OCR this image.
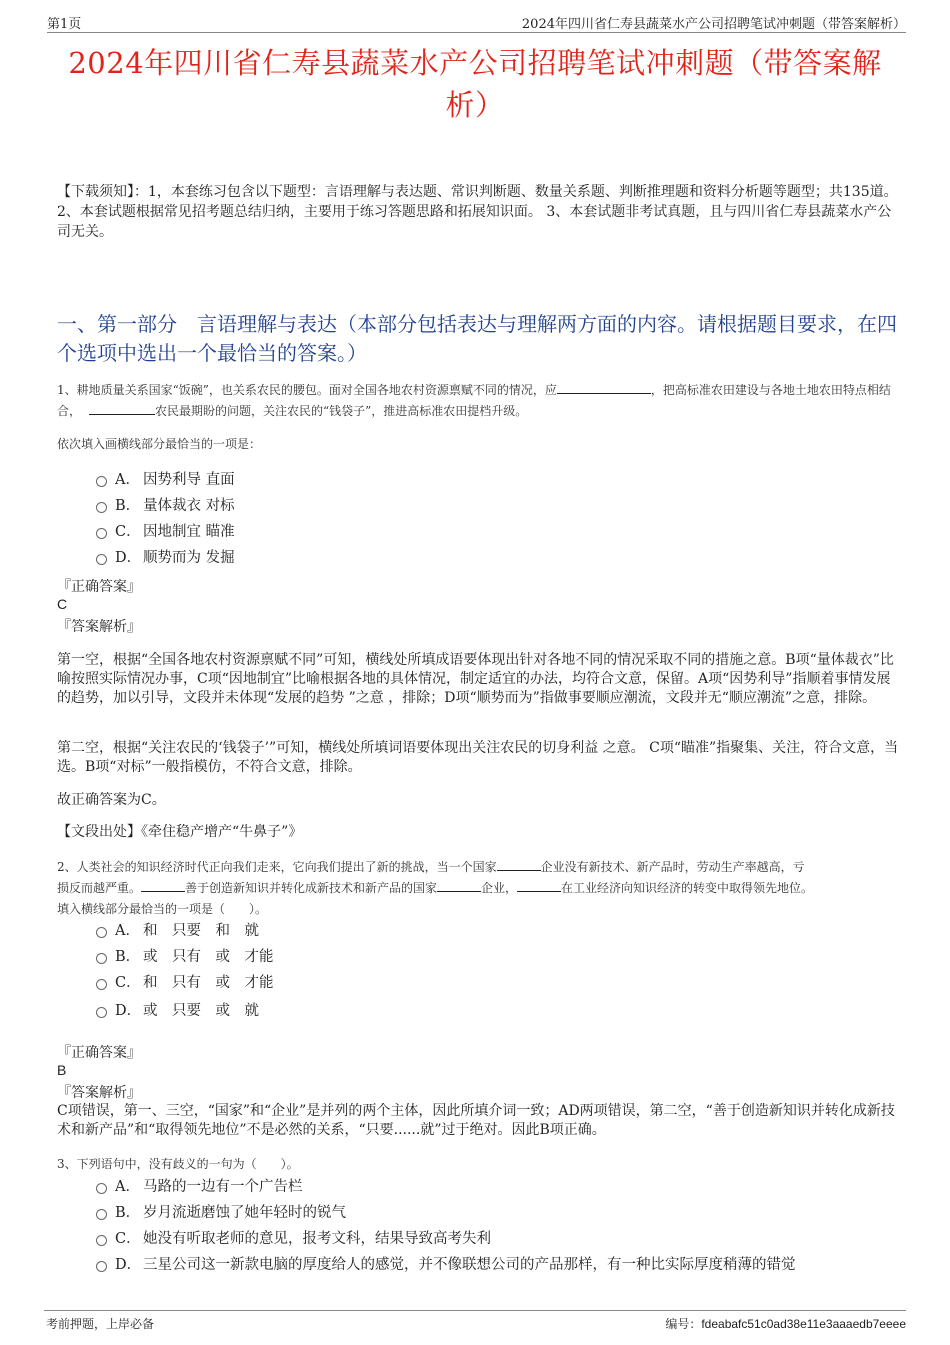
第1页	2024年四川省仁寿县蔬菜水产公司招聘笔试冲刺题（带答案解析）
2024年四川省仁寿县蔬菜水产公司招聘笔试冲刺题（带答案解析）
【下载须知】：1，本套练习包含以下题型：言语理解与表达题、常识判断题、数量关系题、判断推理题和资料分析题等题型；共135道。 2、本套试题根据常见招考题总结归纳，主要用于练习答题思路和拓展知识面。 3、本套试题非考试真题，且与四川省仁寿县蔬菜水产公司无关。
一、第一部分　言语理解与表达（本部分包括表达与理解两方面的内容。请根据题目要求，在四个选项中选出一个最恰当的答案。）
1、耕地质量关系国家“饭碗”，也关系农民的腰包。面对全国各地农村资源禀赋不同的情况，应	，把高标准农田建设与各地土地农田特点相结合，	农民最期盼的问题，关注农民的“钱袋子”，推进高标准农田提档升级。
依次填入画横线部分最恰当的一项是：
A． 因势利导 直面
B． 量体裁衣 对标
C． 因地制宜 瞄准
D． 顺势而为 发掘
『正确答案』
C
『答案解析』
第一空，根据“全国各地农村资源禀赋不同”可知，横线处所填成语要体现出针对各地不同的情况采取不同的措施之意。B项“量体裁衣”比喻按照实际情况办事，C项“因地制宜”比喻根据各地的具体情况，制定适宜的办法，均符合文意，保留。A项“因势利导”指顺着事情发展的趋势，加以引导，文段并未体现“发展的趋势 ”之意 ，排除；D项“顺势而为”指做事要顺应潮流，文段并无“顺应潮流”之意，排除。
第二空，根据“关注农民的‘钱袋子’”可知，横线处所填词语要体现出关注农民的切身利益 之意。 C项“瞄准”指聚集、关注，符合文意，当选。B项“对标”一般指模仿，不符合文意，排除。
故正确答案为C。
【文段出处】《牵住稳产增产“牛鼻子”》
2、人类社会的知识经济时代正向我们走来，它向我们提出了新的挑战，当一个国家	企业没有新技术、新产品时，劳动生产率越高，亏
损反而越严重。	善于创造新知识并转化成新技术和新产品的国家	企业，	在工业经济向知识经济的转变中取得领先地位。
填入横线部分最恰当的一项是（　　）。
A． 和　只要　和　就
B． 或　只有　或　才能
C． 和　只有　或　才能
D． 或　只要　或　就
『正确答案』
B
『答案解析』
C项错误，第一、三空，“国家”和“企业”是并列的两个主体，因此所填介词一致；AD两项错误，第二空，“善于创造新知识并转化成新技术和新产品”和“取得领先地位”不是必然的关系，“只要......就”过于绝对。因此B项正确。
3、下列语句中，没有歧义的一句为（　　）。
A． 马路的一边有一个广告栏
B． 岁月流逝磨蚀了她年轻时的锐气
C． 她没有听取老师的意见，报考文科，结果导致高考失利
D． 三星公司这一新款电脑的厚度给人的感觉，并不像联想公司的产品那样，有一种比实际厚度稍薄的错觉
考前押题，上岸必备	编号：fdeabafc51c0ad38e11e3aaaedb7eeee
